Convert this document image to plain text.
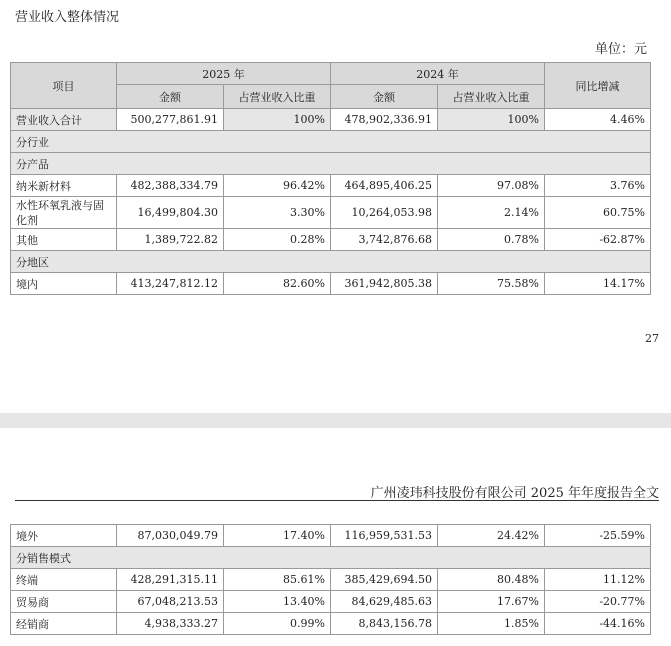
营业收入整体情况
单位：元
项目	2025 年		2024 年		同比增减
	金额	占营业收入比重	金额	占营业收入比重	
营业收入合计	500,277,861.91	100%	478,902,336.91	100%	4.46%
分行业					
分产品					
纳米新材料	482,388,334.79	96.42%	464,895,406.25	97.08%	3.76%
水性环氧乳液与固化剂	16,499,804.30	3.30%	10,264,053.98	2.14%	60.75%
其他	1,389,722.82	0.28%	3,742,876.68	0.78%	-62.87%
分地区					
境内	413,247,812.12	82.60%	361,942,805.38	75.58%	14.17%
27
广州凌玮科技股份有限公司 2025 年年度报告全文
境外	87,030,049.79	17.40%	116,959,531.53	24.42%	-25.59%
分销售模式					
终端	428,291,315.11	85.61%	385,429,694.50	80.48%	11.12%
贸易商	67,048,213.53	13.40%	84,629,485.63	17.67%	-20.77%
经销商	4,938,333.27	0.99%	8,843,156.78	1.85%	-44.16%
